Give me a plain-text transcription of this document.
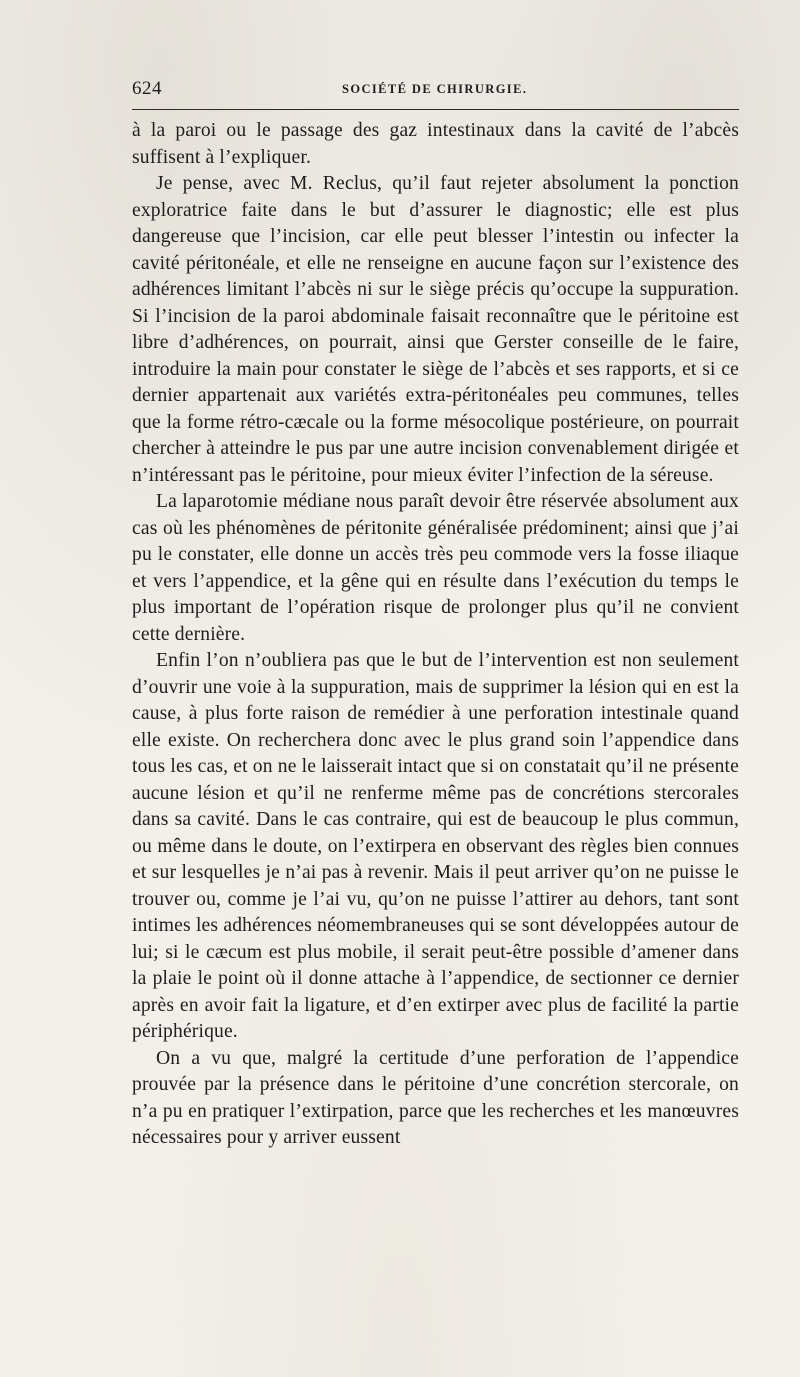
624	SOCIÉTÉ DE CHIRURGIE.

à la paroi ou le passage des gaz intestinaux dans la cavité de l’abcès suffisent à l’expliquer.

Je pense, avec M. Reclus, qu’il faut rejeter absolument la ponction exploratrice faite dans le but d’assurer le diagnostic; elle est plus dangereuse que l’incision, car elle peut blesser l’intestin ou infecter la cavité péritonéale, et elle ne renseigne en aucune façon sur l’existence des adhérences limitant l’abcès ni sur le siège précis qu’occupe la suppuration. Si l’incision de la paroi abdominale faisait reconnaître que le péritoine est libre d’adhérences, on pourrait, ainsi que Gerster conseille de le faire, introduire la main pour constater le siège de l’abcès et ses rapports, et si ce dernier appartenait aux variétés extra-péritonéales peu communes, telles que la forme rétro-cæcale ou la forme mésocolique postérieure, on pourrait chercher à atteindre le pus par une autre incision convenablement dirigée et n’intéressant pas le péritoine, pour mieux éviter l’infection de la séreuse.

La laparotomie médiane nous paraît devoir être réservée absolument aux cas où les phénomènes de péritonite généralisée prédominent; ainsi que j’ai pu le constater, elle donne un accès très peu commode vers la fosse iliaque et vers l’appendice, et la gêne qui en résulte dans l’exécution du temps le plus important de l’opération risque de prolonger plus qu’il ne convient cette dernière.

Enfin l’on n’oubliera pas que le but de l’intervention est non seulement d’ouvrir une voie à la suppuration, mais de supprimer la lésion qui en est la cause, à plus forte raison de remédier à une perforation intestinale quand elle existe. On recherchera donc avec le plus grand soin l’appendice dans tous les cas, et on ne le laisserait intact que si on constatait qu’il ne présente aucune lésion et qu’il ne renferme même pas de concrétions stercorales dans sa cavité. Dans le cas contraire, qui est de beaucoup le plus commun, ou même dans le doute, on l’extirpera en observant des règles bien connues et sur lesquelles je n’ai pas à revenir. Mais il peut arriver qu’on ne puisse le trouver ou, comme je l’ai vu, qu’on ne puisse l’attirer au dehors, tant sont intimes les adhérences néomembraneuses qui se sont développées autour de lui; si le cæcum est plus mobile, il serait peut-être possible d’amener dans la plaie le point où il donne attache à l’appendice, de sectionner ce dernier après en avoir fait la ligature, et d’en extirper avec plus de facilité la partie périphérique.

On a vu que, malgré la certitude d’une perforation de l’appendice prouvée par la présence dans le péritoine d’une concrétion stercorale, on n’a pu en pratiquer l’extirpation, parce que les recherches et les manœuvres nécessaires pour y arriver eussent
